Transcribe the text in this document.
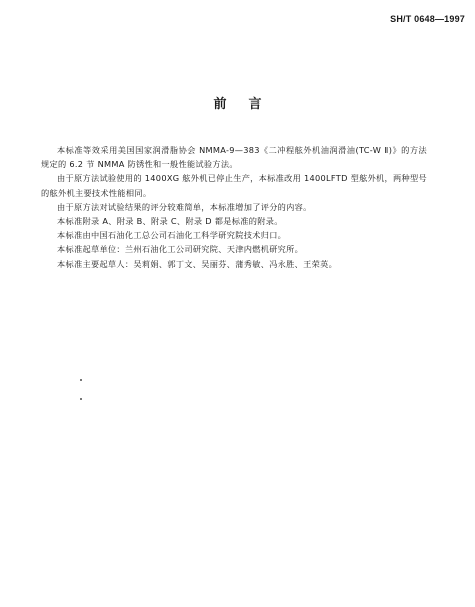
SH/T 0648—1997
前言

本标准等效采用美国国家润滑脂协会 NMMA-9—383《二冲程舷外机油润滑油(TC-W Ⅱ)》的方法规定的 6.2 节 NMMA 防锈性和一般性能试验方法。

由于原方法试验使用的 1400XG 舷外机已停止生产，本标准改用 1400LFTD 型舷外机，两种型号的舷外机主要技术性能相同。

由于原方法对试验结果的评分较难简单，本标准增加了评分的内容。

本标准附录 A、附录 B、附录 C、附录 D 都是标准的附录。

本标准由中国石油化工总公司石油化工科学研究院技术归口。

本标准起草单位：兰州石油化工公司研究院、天津内燃机研究所。

本标准主要起草人：吴莉娟、郭丁文、吴丽芬、蒲秀敏、冯永胜、王荣英。
